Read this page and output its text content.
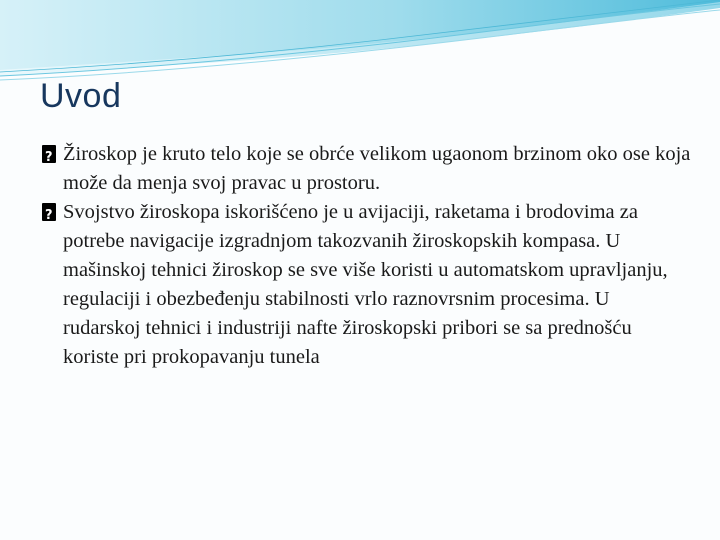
Uvod
?
Žiroskop je kruto telo koje se obrće velikom ugaonom brzinom oko ose koja može da menja svoj pravac u prostoru.
?
Svojstvo žiroskopa iskorišćeno je u avijaciji, raketama i brodovima za potrebe navigacije izgradnjom takozvanih žiroskopskih kompasa. U mašinskoj tehnici žiroskop se sve više koristi u automatskom upravljanju, regulaciji i obezbeđenju stabilnosti vrlo raznovrsnim procesima. U rudarskoj tehnici i industriji nafte žiroskopski pribori se sa prednošću koriste pri prokopavanju tunela
